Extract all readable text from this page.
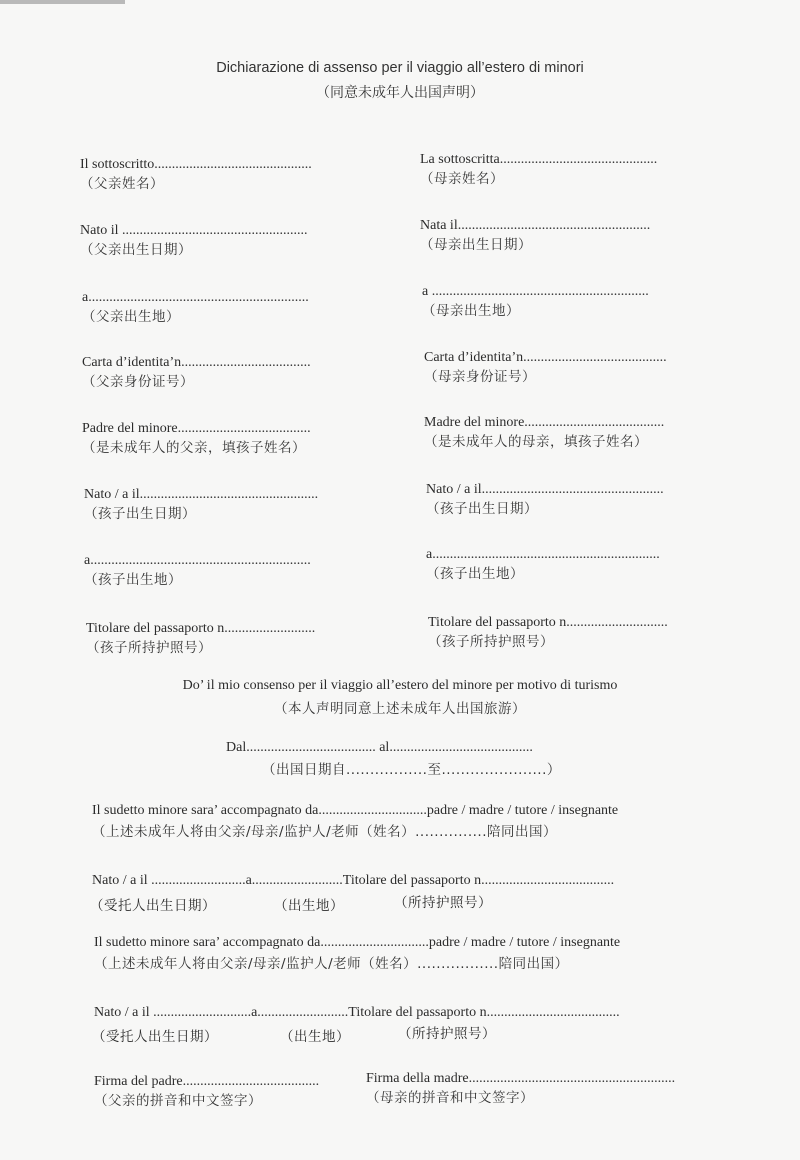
Dichiarazione di assenso per il viaggio all’estero di minori
（同意未成年人出国声明）
Il sottoscritto.............................................
（父亲姓名）
Nato il .....................................................
（父亲出生日期）
a...............................................................
（父亲出生地）
Carta d’identita’n.....................................
（父亲身份证号）
Padre del minore......................................
（是未成年人的父亲，填孩子姓名）
Nato / a il...................................................
（孩子出生日期）
a...............................................................
（孩子出生地）
Titolare del passaporto n..........................
（孩子所持护照号）
La sottoscritta.............................................
（母亲姓名）
Nata il.......................................................
（母亲出生日期）
a ..............................................................
（母亲出生地）
Carta d’identita’n.........................................
（母亲身份证号）
Madre del minore........................................
（是未成年人的母亲，填孩子姓名）
Nato / a il....................................................
（孩子出生日期）
a.................................................................
（孩子出生地）
Titolare del passaporto n.............................
（孩子所持护照号）
Do’ il mio consenso per il viaggio all’estero del minore per motivo di turismo
（本人声明同意上述未成年人出国旅游）
Dal..................................... al.........................................
（出国日期自.................至......................）
Il sudetto minore sara’ accompagnato da...............................padre / madre / tutore / insegnante
（上述未成年人将由父亲/母亲/监护人/老师（姓名）...............陪同出国）
Nato / a il ...........................a..........................Titolare del passaporto n......................................
（受托人出生日期）	（出生地）	（所持护照号）
Il sudetto minore sara’ accompagnato da...............................padre / madre / tutore / insegnante
（上述未成年人将由父亲/母亲/监护人/老师（姓名）.................陪同出国）
Nato / a il ............................a..........................Titolare del passaporto n......................................
（受托人出生日期）	（出生地）	（所持护照号）
Firma del padre.......................................
（父亲的拼音和中文签字）
Firma della madre...........................................................
（母亲的拼音和中文签字）
